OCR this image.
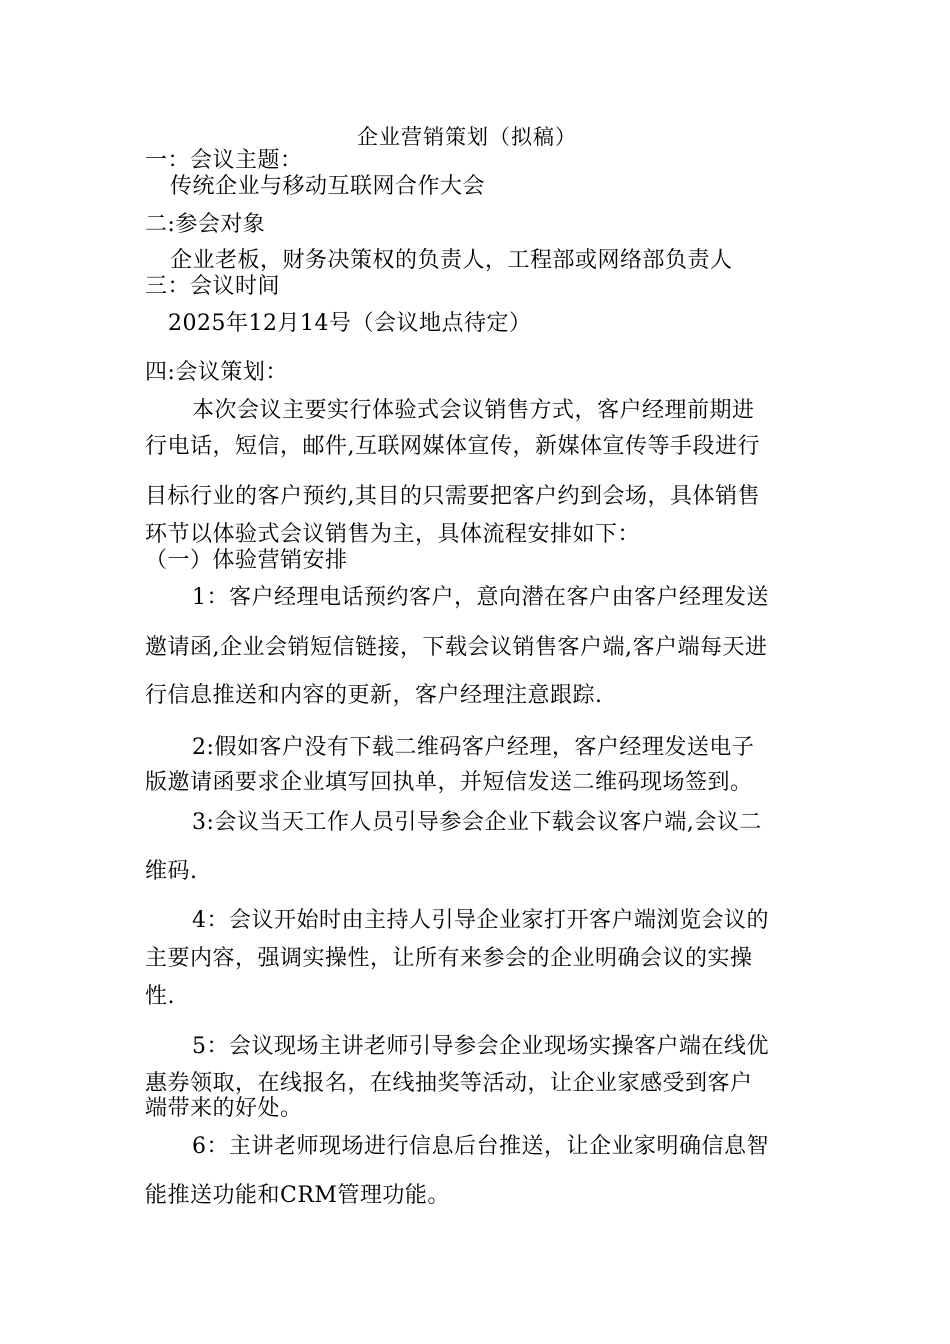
企业营销策划（拟稿）
一：会议主题：
传统企业与移动互联网合作大会
二:参会对象
企业老板，财务决策权的负责人，工程部或网络部负责人
三：会议时间
2025年12月14号（会议地点待定）
四:会议策划：
本次会议主要实行体验式会议销售方式，客户经理前期进
行电话，短信，邮件,互联网媒体宣传，新媒体宣传等手段进行
目标行业的客户预约,其目的只需要把客户约到会场，具体销售
环节以体验式会议销售为主，具体流程安排如下：
（一）体验营销安排
1：客户经理电话预约客户，意向潜在客户由客户经理发送
邀请函,企业会销短信链接，下载会议销售客户端,客户端每天进
行信息推送和内容的更新，客户经理注意跟踪.
2:假如客户没有下载二维码客户经理，客户经理发送电子
版邀请函要求企业填写回执单，并短信发送二维码现场签到。
3:会议当天工作人员引导参会企业下载会议客户端,会议二
维码.
4：会议开始时由主持人引导企业家打开客户端浏览会议的
主要内容，强调实操性，让所有来参会的企业明确会议的实操
性.
5：会议现场主讲老师引导参会企业现场实操客户端在线优
惠券领取，在线报名，在线抽奖等活动，让企业家感受到客户
端带来的好处。
6：主讲老师现场进行信息后台推送，让企业家明确信息智
能推送功能和CRM管理功能。
